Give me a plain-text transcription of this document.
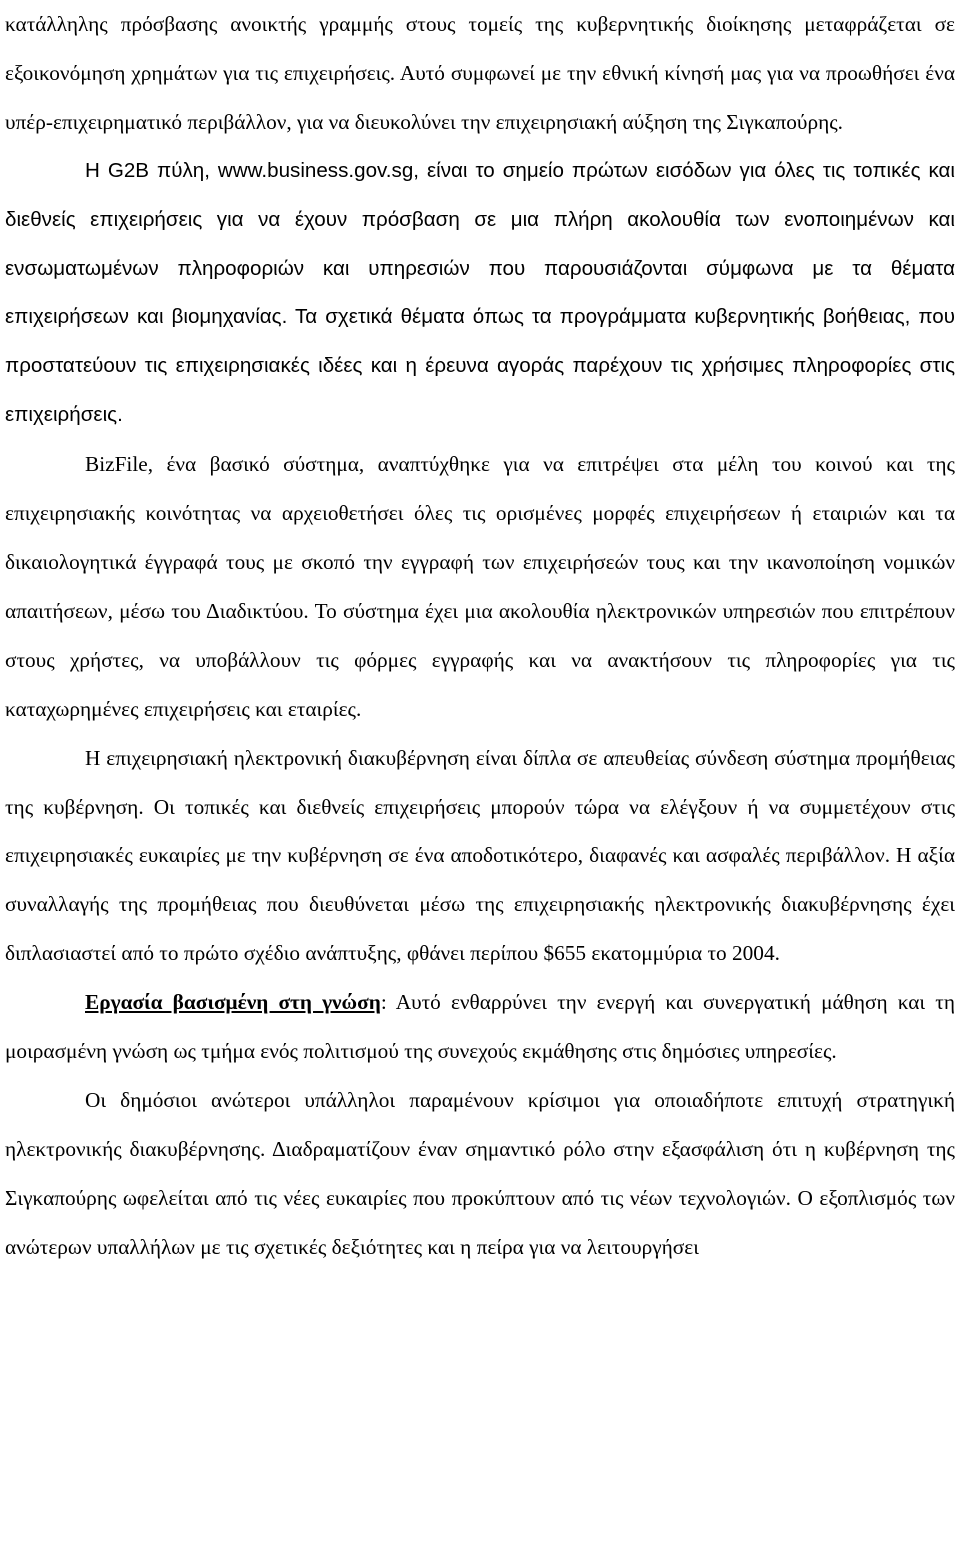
κατάλληλης πρόσβασης ανοικτής γραμμής στους τομείς της κυβερνητικής διοίκησης μεταφράζεται σε εξοικονόμηση χρημάτων για τις επιχειρήσεις. Αυτό συμφωνεί με την εθνική κίνησή μας για να προωθήσει ένα υπέρ-επιχειρηματικό περιβάλλον, για να διευκολύνει την επιχειρησιακή αύξηση της Σιγκαπούρης.

Η G2B πύλη, www.business.gov.sg, είναι το σημείο πρώτων εισόδων για όλες τις τοπικές και διεθνείς επιχειρήσεις για να έχουν πρόσβαση σε μια πλήρη ακολουθία των ενοποιημένων και ενσωματωμένων πληροφοριών και υπηρεσιών που παρουσιάζονται σύμφωνα με τα θέματα επιχειρήσεων και βιομηχανίας. Τα σχετικά θέματα όπως τα προγράμματα κυβερνητικής βοήθειας, που προστατεύουν τις επιχειρησιακές ιδέες και η έρευνα αγοράς παρέχουν τις χρήσιμες πληροφορίες στις επιχειρήσεις.

BizFile, ένα βασικό σύστημα, αναπτύχθηκε για να επιτρέψει στα μέλη του κοινού και της επιχειρησιακής κοινότητας να αρχειοθετήσει όλες τις ορισμένες μορφές επιχειρήσεων ή εταιριών και τα δικαιολογητικά έγγραφά τους με σκοπό την εγγραφή των επιχειρήσεών τους και την ικανοποίηση νομικών απαιτήσεων, μέσω του Διαδικτύου. Το σύστημα έχει μια ακολουθία ηλεκτρονικών υπηρεσιών που επιτρέπουν στους χρήστες, να υποβάλλουν τις φόρμες εγγραφής και να ανακτήσουν τις πληροφορίες για τις καταχωρημένες επιχειρήσεις και εταιρίες.

Η επιχειρησιακή ηλεκτρονική διακυβέρνηση είναι δίπλα σε απευθείας σύνδεση σύστημα προμήθειας της κυβέρνηση. Οι τοπικές και διεθνείς επιχειρήσεις μπορούν τώρα να ελέγξουν ή να συμμετέχουν στις επιχειρησιακές ευκαιρίες με την κυβέρνηση σε ένα αποδοτικότερο, διαφανές και ασφαλές περιβάλλον. Η αξία συναλλαγής της προμήθειας που διευθύνεται μέσω της επιχειρησιακής ηλεκτρονικής διακυβέρνησης έχει διπλασιαστεί από το πρώτο σχέδιο ανάπτυξης, φθάνει περίπου $655 εκατομμύρια το 2004.

Εργασία βασισμένη στη γνώση: Αυτό ενθαρρύνει την ενεργή και συνεργατική μάθηση και τη μοιρασμένη γνώση ως τμήμα ενός πολιτισμού της συνεχούς εκμάθησης στις δημόσιες υπηρεσίες.

Οι δημόσιοι ανώτεροι υπάλληλοι παραμένουν κρίσιμοι για οποιαδήποτε επιτυχή στρατηγική ηλεκτρονικής διακυβέρνησης. Διαδραματίζουν έναν σημαντικό ρόλο στην εξασφάλιση ότι η κυβέρνηση της Σιγκαπούρης ωφελείται από τις νέες ευκαιρίες που προκύπτουν από τις νέων τεχνολογιών. Ο εξοπλισμός των ανώτερων υπαλλήλων με τις σχετικές δεξιότητες και η πείρα για να λειτουργήσει
